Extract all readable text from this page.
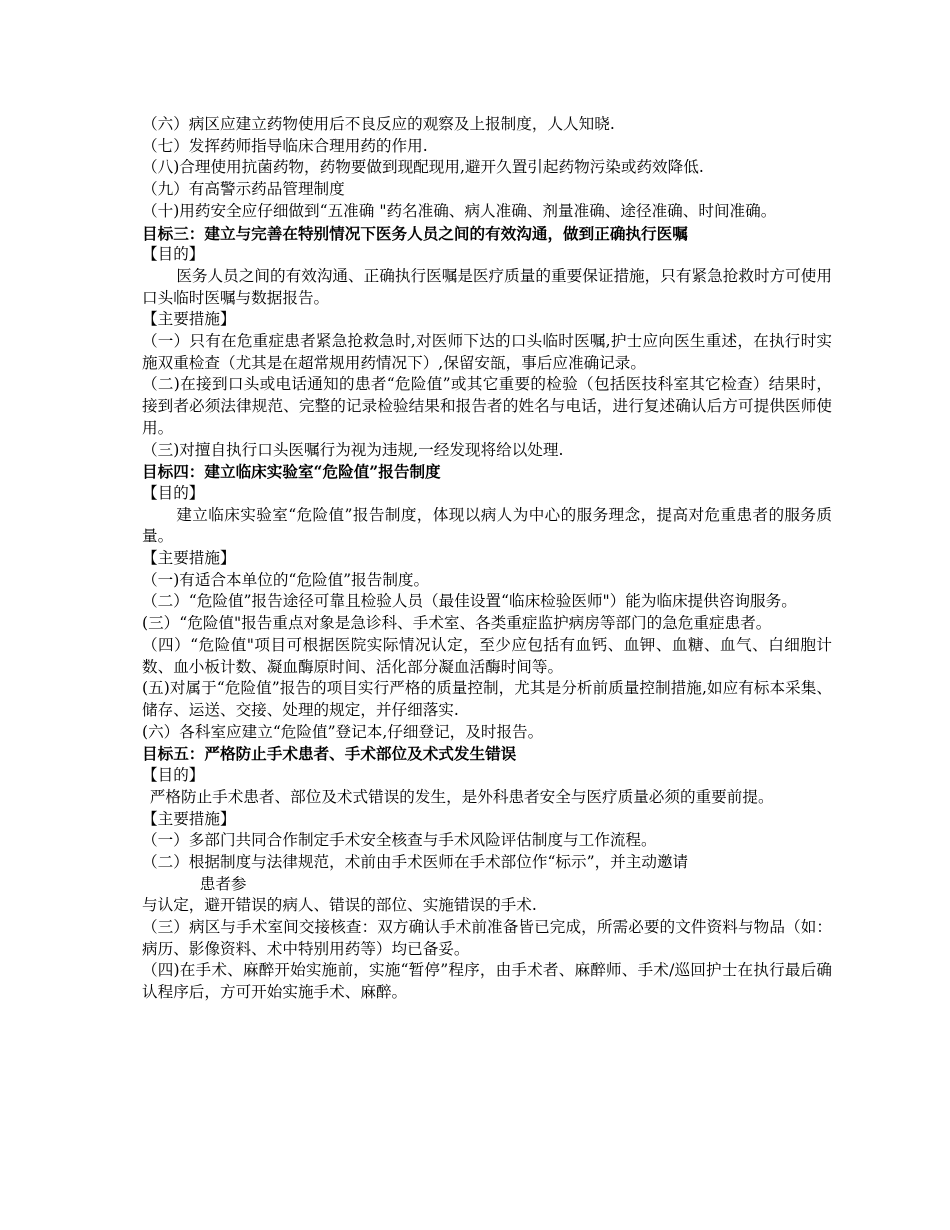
（六）病区应建立药物使用后不良反应的观察及上报制度，人人知晓.
（七）发挥药师指导临床合理用药的作用.
（八)合理使用抗菌药物，药物要做到现配现用,避开久置引起药物污染或药效降低.
（九）有高警示药品管理制度
（十)用药安全应仔细做到“五准确 "药名准确、病人准确、剂量准确、途径准确、时间准确。
目标三：建立与完善在特别情况下医务人员之间的有效沟通，做到正确执行医嘱
【目的】
医务人员之间的有效沟通、正确执行医嘱是医疗质量的重要保证措施，只有紧急抢救时方可使用口头临时医嘱与数据报告。
【主要措施】
（一）只有在危重症患者紧急抢救急时,对医师下达的口头临时医嘱,护士应向医生重述，在执行时实施双重检查（尤其是在超常规用药情况下）,保留安瓿，事后应准确记录。
（二)在接到口头或电话通知的患者“危险值”或其它重要的检验（包括医技科室其它检查）结果时，接到者必须法律规范、完整的记录检验结果和报告者的姓名与电话，进行复述确认后方可提供医师使用。
（三)对擅自执行口头医嘱行为视为违规,一经发现将给以处理.
目标四：建立临床实验室“危险值”报告制度
【目的】
建立临床实验室“危险值”报告制度，体现以病人为中心的服务理念，提高对危重患者的服务质量。
【主要措施】
（一)有适合本单位的“危险值”报告制度。
（二）“危险值”报告途径可靠且检验人员（最佳设置“临床检验医师"）能为临床提供咨询服务。
(三）“危险值"报告重点对象是急诊科、手术室、各类重症监护病房等部门的急危重症患者。
（四）“危险值"项目可根据医院实际情况认定，至少应包括有血钙、血钾、血糖、血气、白细胞计数、血小板计数、凝血酶原时间、活化部分凝血活酶时间等。
(五)对属于“危险值”报告的项目实行严格的质量控制，尤其是分析前质量控制措施,如应有标本采集、储存、运送、交接、处理的规定，并仔细落实.
(六）各科室应建立“危险值”登记本,仔细登记，及时报告。
目标五：严格防止手术患者、手术部位及术式发生错误
【目的】
严格防止手术患者、部位及术式错误的发生，是外科患者安全与医疗质量必须的重要前提。
【主要措施】
（一）多部门共同合作制定手术安全核查与手术风险评估制度与工作流程。
（二）根据制度与法律规范，术前由手术医师在手术部位作“标示”，并主动邀请
患者参
与认定，避开错误的病人、错误的部位、实施错误的手术.
（三）病区与手术室间交接核查：双方确认手术前准备皆已完成，所需必要的文件资料与物品（如：病历、影像资料、术中特别用药等）均已备妥。
（四)在手术、麻醉开始实施前，实施“暂停”程序，由手术者、麻醉师、手术/巡回护士在执行最后确认程序后，方可开始实施手术、麻醉。
